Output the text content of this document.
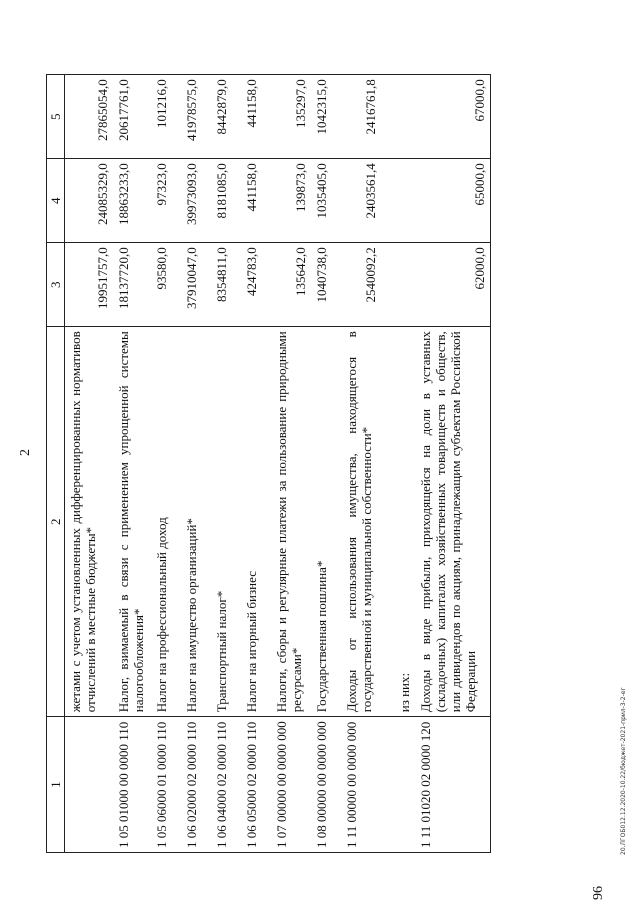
2
1	2	3	4	5
	жетами с учетом установленных дифференцированных нормативов отчислений в местные бюджеты*	19951757,0	24085329,0	27865054,0
1 05 01000 00 0000 110	Налог, взимаемый в связи с применением упрощенной системы налогообложения*	18137720,0	18863233,0	20617761,0
1 05 06000 01 0000 110	Налог на профессиональный доход	93580,0	97323,0	101216,0
1 06 02000 02 0000 110	Налог на имущество организаций*	37910047,0	39973093,0	41978575,0
1 06 04000 02 0000 110	Транспортный налог*	8354811,0	8181085,0	8442879,0
1 06 05000 02 0000 110	Налог на игорный бизнес	424783,0	441158,0	441158,0
1 07 00000 00 0000 000	Налоги, сборы и регулярные платежи за пользование природными ресурсами*	135642,0	139873,0	135297,0
1 08 00000 00 0000 000	Государственная пошлина*	1040738,0	1035405,0	1042315,0
1 11 00000 00 0000 000	Доходы от использования имущества, находящегося в государственной и муниципальной собственности*	2540092,2	2403561,4	2416761,8
	из них:			
1 11 01020 02 0000 120	Доходы в виде прибыли, приходящейся на доли в уставных (складочных) капиталах хозяйственных товариществ и обществ, или дивидендов по акциям, принадлежащим субъектам Российской Федерации	62000,0	65000,0	67000,0
96
20.ЛГОБ012.12.2020-10.22/бюджет-2021-прил-3-2-ег
